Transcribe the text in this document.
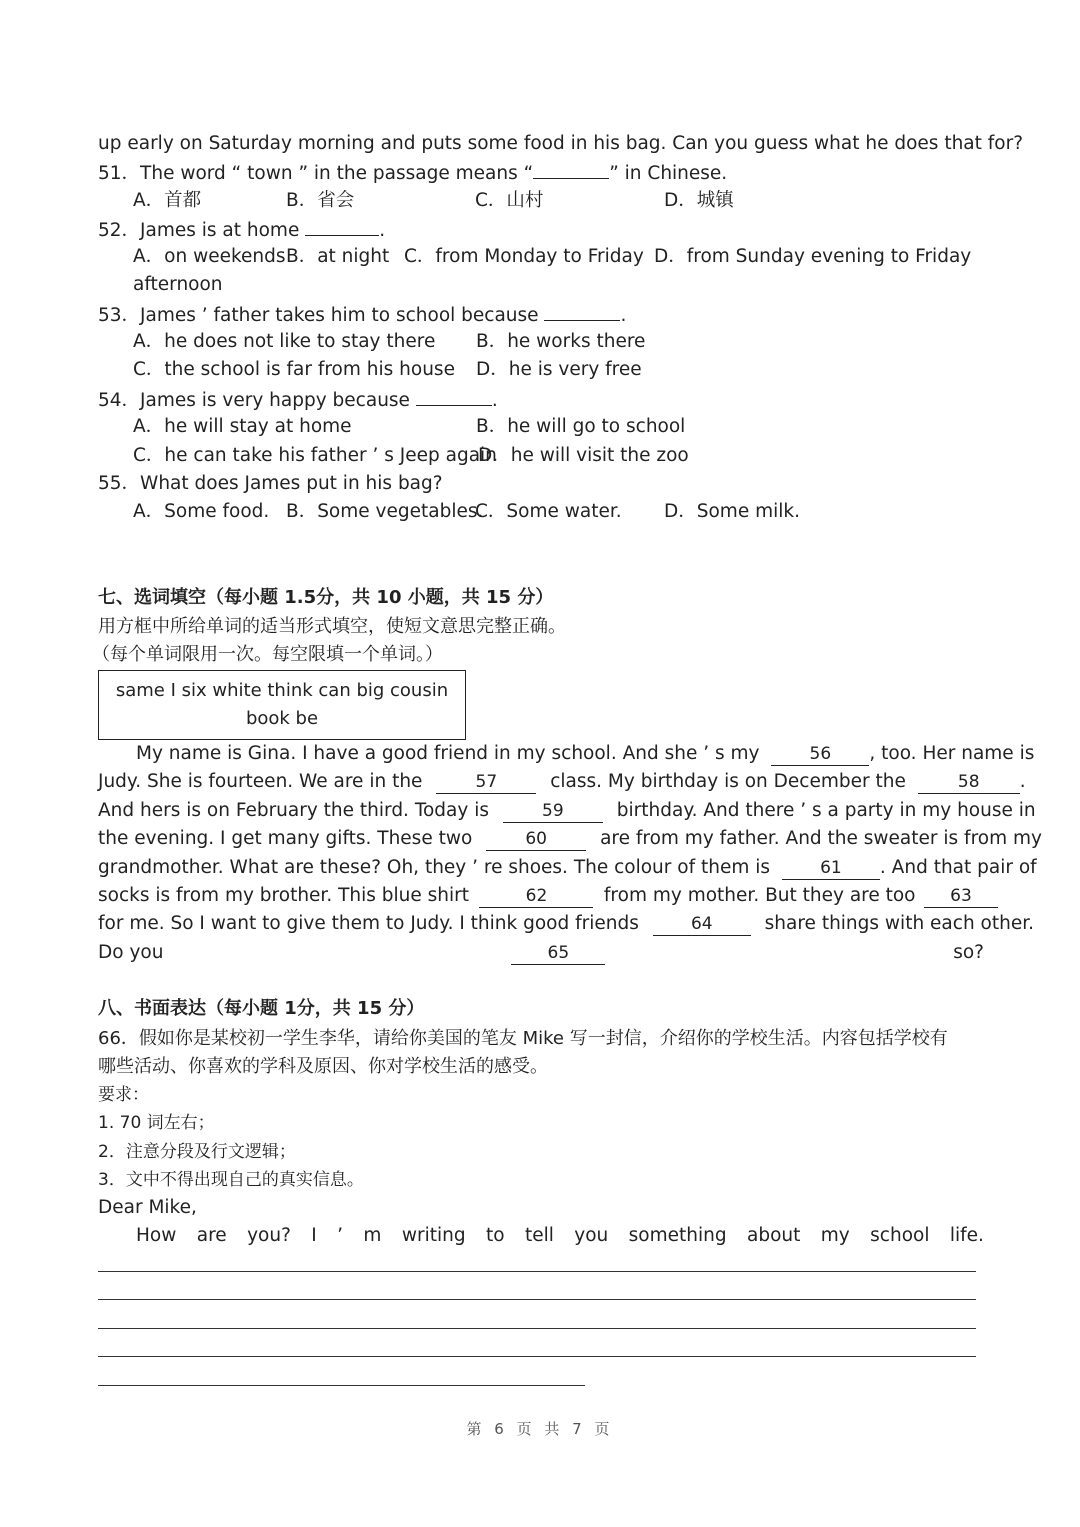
up early on Saturday morning and puts some food in his bag. Can you guess what he does that for?
51．The word “ town ” in the passage means “	” in Chinese.
A．首都	B．省会	C．山村	D．城镇
52．James is at home	.
A．on weekends B．at night C．from Monday to Friday D．from Sunday evening to Friday
afternoon
53．James ’ father takes him to school because	.
A．he does not like to stay there B．he works there
C．the school is far from his house D．he is very free
54．James is very happy because	.
A．he will stay at home	B．he will go to school
C．he can take his father ’ s Jeep again
D．he will visit the zoo
55．What does James put in his bag?
A．Some food. B．Some vegetables.
C．Some water. D．Some milk.
七、选词填空（每小题 1.5分，共 10 小题，共 15 分）
用方框中所给单词的适当形式填空，使短文意思完整正确。
（每个单词限用一次。每空限填一个单词。）
same I six white think can big cousin
book be
My name is Gina. I have a good friend in my school. And she ’ s my	56 , too. Her name is
Judy. She is fourteen. We are in the	57	class. My birthday is on December the	58 .
And hers is on February the third. Today is	59	birthday. And there ’ s a party in my house in
the evening. I get many gifts. These two	60	are from my father. And the sweater is from my
grandmother. What are these? Oh, they ’ re shoes. The colour of them is	61 . And that pair of
socks is from my brother. This blue shirt	62	from my mother. But they are too	63
for me. So I want to give them to Judy. I think good friends	64	share things with each other.
Do you	65	so?
八、书面表达（每小题 1分，共 15 分）
66．假如你是某校初一学生李华，请给你美国的笔友 Mike 写一封信，介绍你的学校生活。内容包括学校有
哪些活动、你喜欢的学科及原因、你对学校生活的感受。
要求：
1. 70 词左右；
2．注意分段及行文逻辑；
3．文中不得出现自己的真实信息。
Dear Mike,
How are you? I ’ m writing to tell you something about my school life.
第 6 页 共 7 页
